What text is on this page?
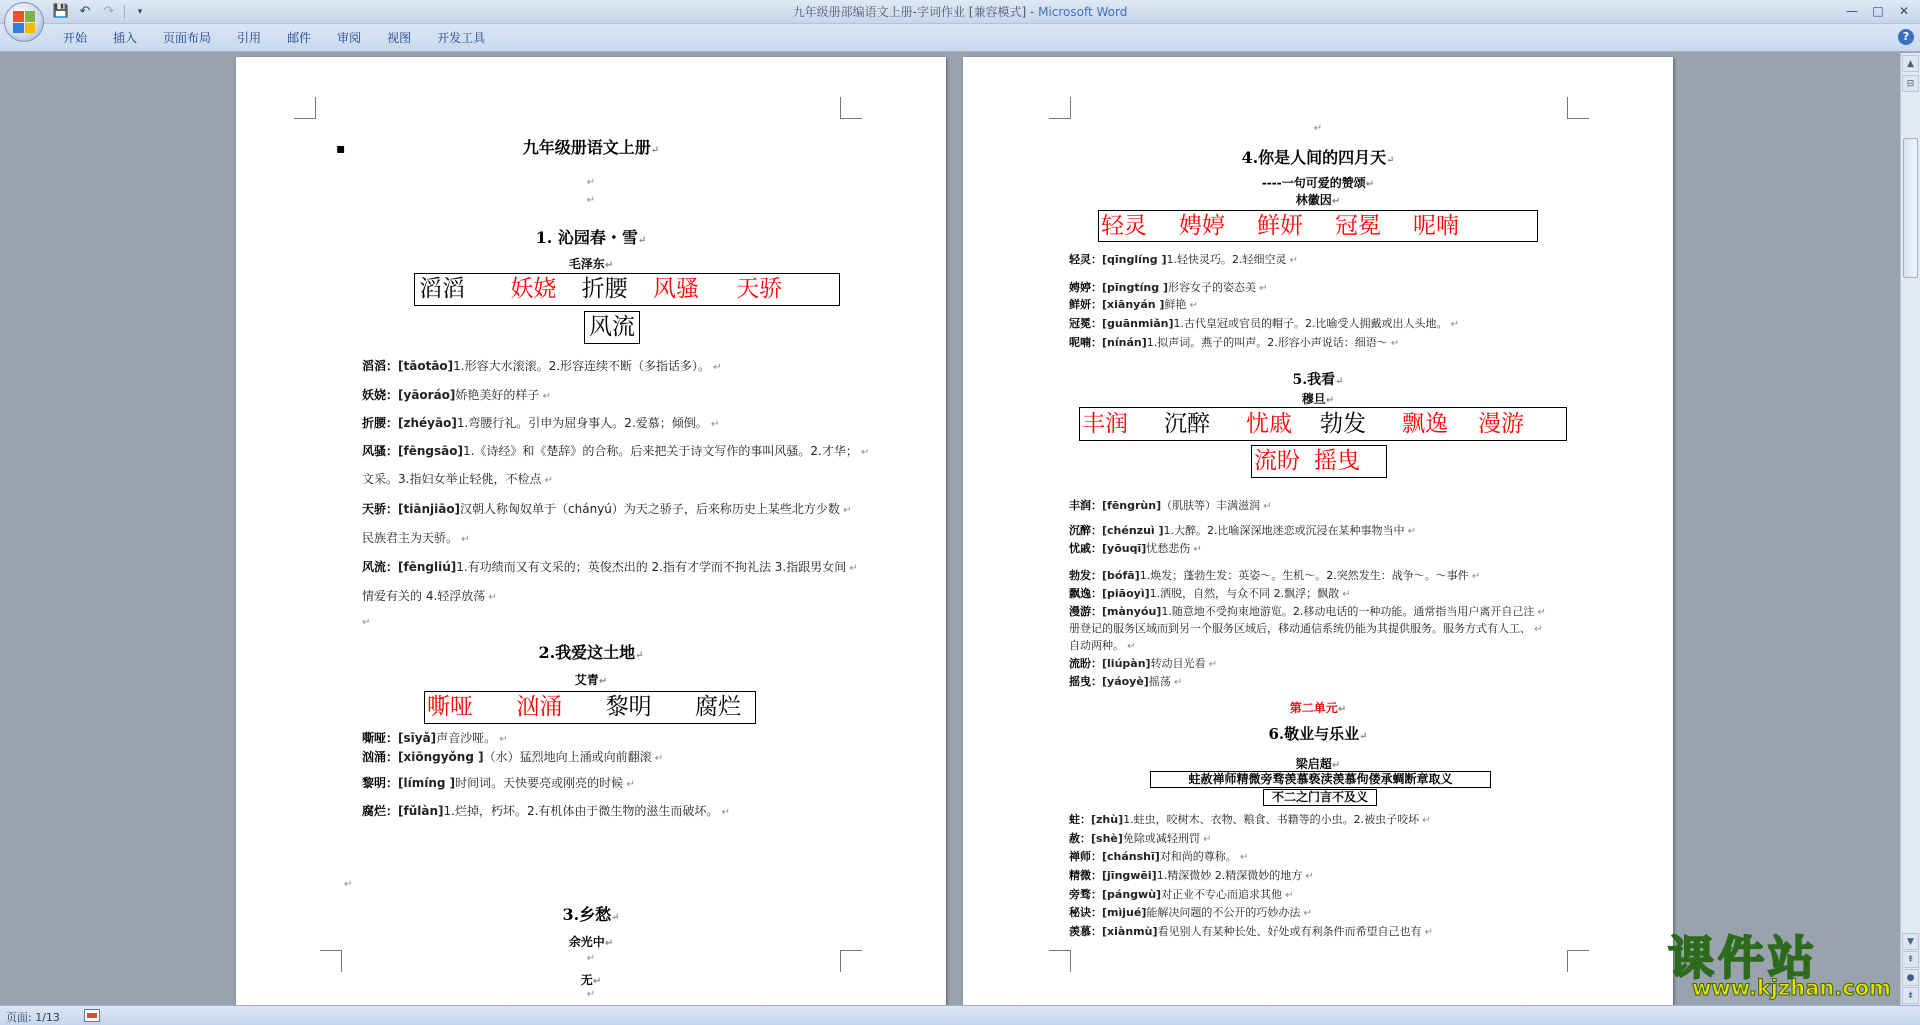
九年级册部编语文上册-字词作业 [兼容模式] - Microsoft Word
💾 ↶ ↷	▾	—	□	✕
开始	插入	页面布局	引用	邮件	审阅	视图	开发工具	?
▪	九年级册语文上册↵
↵
↵
1. 沁园春・雪↵
毛泽东↵
滔滔 妖娆 折腰 风骚 天骄
风流
滔滔：[tāotāo]1.形容大水滚滚。2.形容连续不断（多指话多）。 ↵
妖娆：[yāoráo]娇艳美好的样子 ↵
折腰：[zhéyāo]1.弯腰行礼。引申为屈身事人。2.爱慕；倾倒。 ↵
风骚：[fēngsāo]1.《诗经》和《楚辞》的合称。后来把关于诗文写作的事叫风骚。2.才华； ↵
文采。3.指妇女举止轻佻，不检点 ↵
天骄：[tiānjiāo]汉朝人称匈奴单于（chányú）为天之骄子，后来称历史上某些北方少数 ↵
民族君主为天骄。 ↵
风流：[fēngliú]1.有功绩而又有文采的；英俊杰出的 2.指有才学而不拘礼法 3.指跟男女间 ↵
情爱有关的 4.轻浮放荡 ↵
↵
2.我爱这土地↵
艾青↵
嘶哑 汹涌 黎明 腐烂
嘶哑：[sīyǎ]声音沙哑。 ↵
汹涌：[xiōngyǒng ]（水）猛烈地向上涌或向前翻滚 ↵
黎明：[límíng ]时间词。天快要亮或刚亮的时候 ↵
腐烂：[fǔlàn]1.烂掉，朽坏。2.有机体由于微生物的滋生而破坏。 ↵
↵
3.乡愁↵
余光中↵
↵
无↵
↵
↵
4.你是人间的四月天↵
----一句可爱的赞颂↵
林徽因↵
轻灵 娉婷 鲜妍 冠冕 呢喃
轻灵：[qīnglíng ]1.轻快灵巧。2.轻细空灵 ↵
娉婷：[pīngtíng ]形容女子的姿态美 ↵
鲜妍：[xiānyán ]鲜艳 ↵
冠冕：[guānmiǎn]1.古代皇冠或官员的帽子。2.比喻受人拥戴或出人头地。 ↵
呢喃：[nínán]1.拟声词。燕子的叫声。2.形容小声说话：细语～ ↵
5.我看↵
穆旦↵
丰润 沉醉 忧戚 勃发 飘逸 漫游
流盼 摇曳
丰润：[fēngrùn]（肌肤等）丰满滋润 ↵
沉醉：[chénzuì ]1.大醉。2.比喻深深地迷恋或沉浸在某种事物当中 ↵
忧戚：[yōuqī]忧愁悲伤 ↵
勃发：[bófā]1.焕发；蓬勃生发：英姿～。生机～。2.突然发生：战争～。～事件 ↵
飘逸：[piāoyì]1.洒脱，自然，与众不同 2.飘浮；飘散 ↵
漫游：[mànyóu]1.随意地不受拘束地游览。2.移动电话的一种功能。通常指当用户离开自己注 ↵
册登记的服务区域而到另一个服务区域后，移动通信系统仍能为其提供服务。服务方式有人工、 ↵
自动两种。 ↵
流盼：[liúpàn]转动目光看 ↵
摇曳：[yáoyè]摇荡 ↵
第二单元↵
6.敬业与乐业↵
梁启超↵
蛀赦禅师精微旁骛羡慕亵渎羡慕佝偻承蜩断章取义
不二之门言不及义
蛀：[zhù]1.蛀虫，咬树木、衣物、粮食、书籍等的小虫。2.被虫子咬坏 ↵
赦：[shè]免除或减轻刑罚 ↵
禅师：[chánshī]对和尚的尊称。 ↵
精微：[jīngwēi]1.精深微妙 2.精深微妙的地方 ↵
旁骛：[pángwù]对正业不专心而追求其他 ↵
秘诀：[mìjué]能解决问题的不公开的巧妙办法 ↵
羡慕：[xiànmù]看见别人有某种长处、好处或有利条件而希望自己也有 ↵
▲
⊟
▼
⇞
●
⇟
页面: 1/13
课件站
www.kjzhan.com
